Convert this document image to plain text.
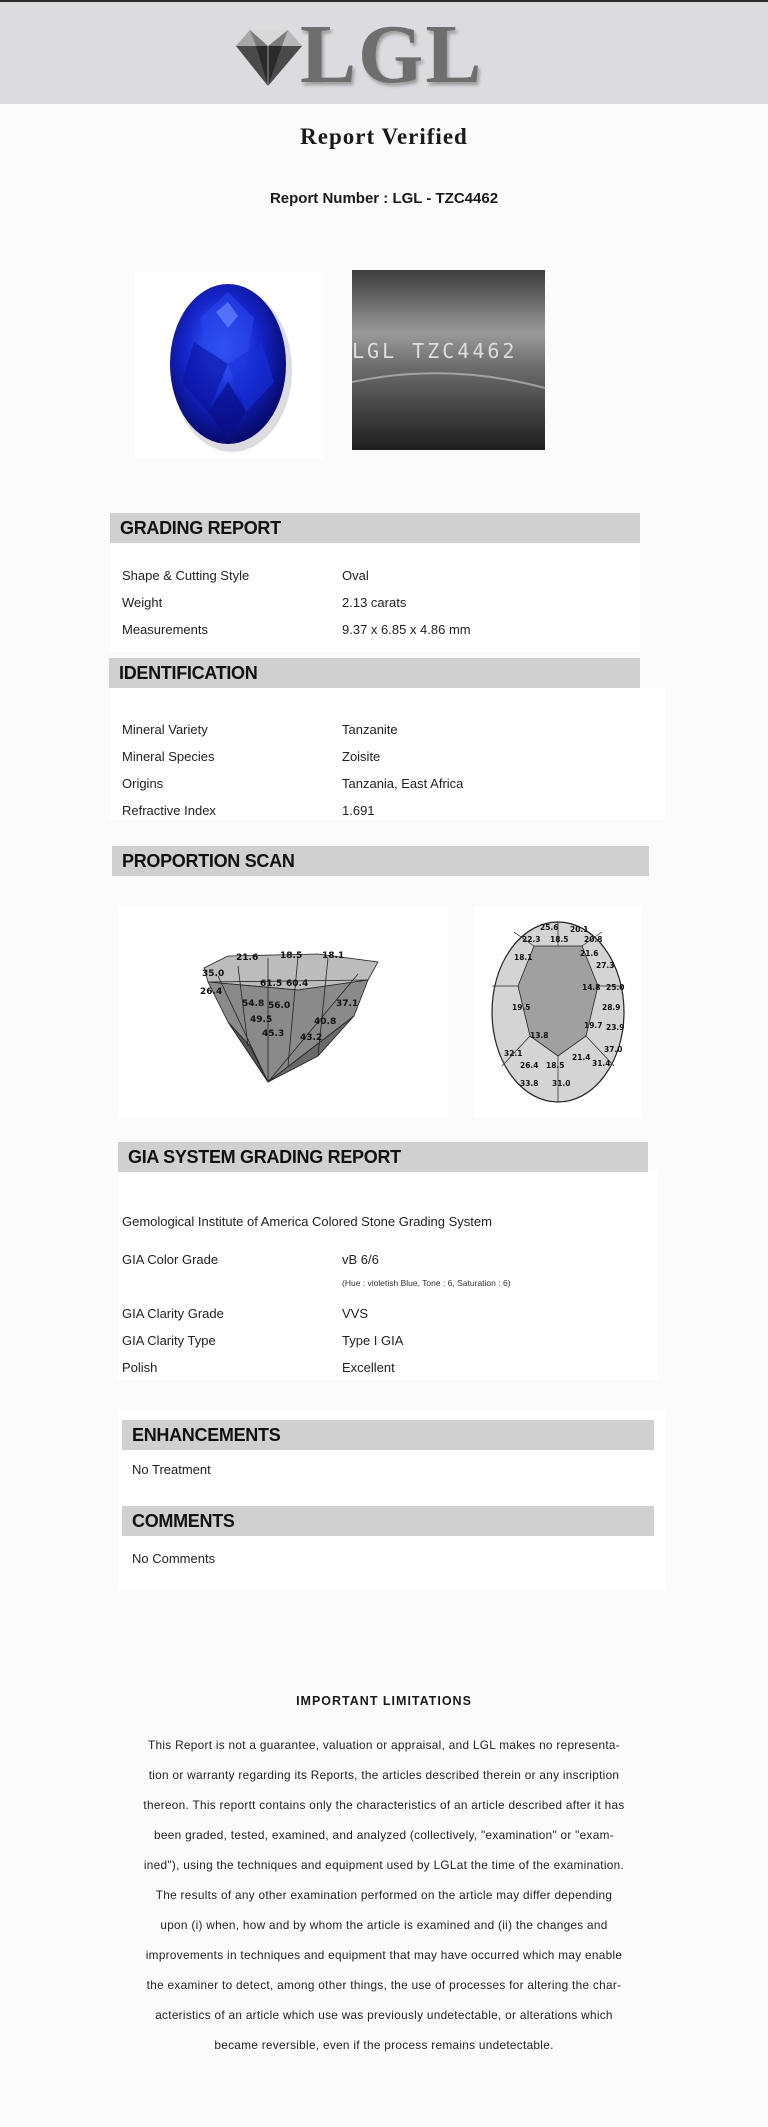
LGL
Report Verified
Report Number : LGL - TZC4462
LGL TZC4462
GRADING REPORT
Shape & Cutting Style	Oval
Weight	2.13 carats
Measurements	9.37 x 6.85 x 4.86 mm
IDENTIFICATION
Mineral Variety	Tanzanite
Mineral Species	Zoisite
Origins	Tanzania, East Africa
Refractive Index	1.691
PROPORTION SCAN
21.6 18.5 18.1
35.0
26.4
56.0
54.8
49.5
45.3 43.2
40.8
37.1
60.4
61.5
25.6 20.1
22.3 18.5 20.8
18.1	21.6
27.3
14.8 25.0
28.9
19.5
13.8
19.7 23.9
37.0
31.4
32.1
26.4 18.5
21.4
33.8 31.0
GIA SYSTEM GRADING REPORT
Gemological Institute of America Colored Stone Grading System
GIA Color Grade	vB 6/6
(Hue : violetish Blue, Tone : 6, Saturation : 6)
GIA Clarity Grade	VVS
GIA Clarity Type	Type I GIA
Polish	Excellent
ENHANCEMENTS
No Treatment
COMMENTS
No Comments
IMPORTANT LIMITATIONS
This Report is not a guarantee, valuation or appraisal, and LGL makes no representa-
tion or warranty regarding its Reports, the articles described therein or any inscription
thereon. This reportt contains only the characteristics of an article described after it has
been graded, tested, examined, and analyzed (collectively, "examination" or "exam-
ined"), using the techniques and equipment used by LGLat the time of the examination.
The results of any other examination performed on the article may differ depending
upon (i) when, how and by whom the article is examined and (ii) the changes and
improvements in techniques and equipment that may have occurred which may enable
the examiner to detect, among other things, the use of processes for altering the char-
acteristics of an article which use was previously undetectable, or alterations which
became reversible, even if the process remains undetectable.
